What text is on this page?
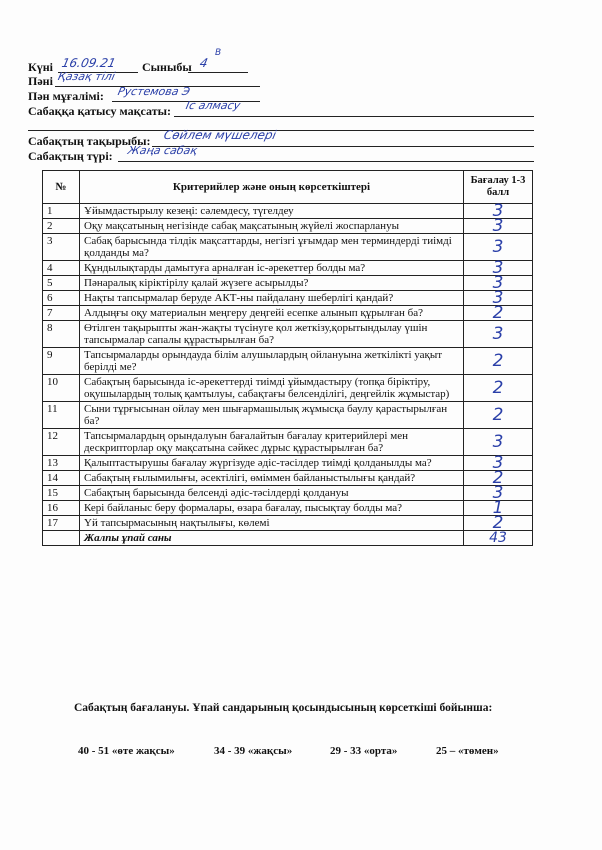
Күні 16.09.21 Сыныбы 4
В
Пәні Қазақ тілі
Пән мұғалімі: Рустемова Э
Сабаққа қатысу мақсаты: Іс алмасу
Сабақтың тақырыбы: Сөйлем мүшелері
Сабақтың түрі: Жаңа сабақ
№	Критерийлер және оның көрсеткіштері	Бағалау 1-3 балл
1	Ұйымдастырылу кезеңі: сәлемдесу, түгелдеу	3
2	Оқу мақсатының негізінде сабақ мақсатының жүйелі жоспарлануы	3
3	Сабақ барысында тілдік мақсаттарды, негізгі ұғымдар мен терминдерді тиімді қолданды ма?	3
4	Құндылықтарды дамытуға арналған іс-әрекеттер болды ма?	3
5	Пәнаралық кіріктірілу қалай жүзеге асырылды?	3
6	Нақты тапсырмалар беруде АКТ-ны пайдалану шеберлігі қандай?	3
7	Алдыңғы оқу материалын меңгеру деңгейі есепке алынып құрылған ба?	2
8	Өтілген тақырыпты жан-жақты түсінуге қол жеткізу,қорытындылау үшін тапсырмалар сапалы құрастырылған ба?	3
9	Тапсырмаларды орындауда білім алушылардың ойлануына жеткілікті уақыт берілді ме?	2
10	Сабақтың барысында іс-әрекеттерді тиімді ұйымдастыру (топқа біріктіру, оқушылардың толық қамтылуы, сабақтағы белсенділігі, деңгейлік жұмыстар)	2
11	Сыни тұрғысынан ойлау мен шығармашылық жұмысқа баулу қарастырылған ба?	2
12	Тапсырмалардың орындалуын бағалайтын бағалау критерийлері мен дескрипторлар оқу мақсатына сәйкес дұрыс құрастырылған ба?	3
13	Қалыптастырушы бағалау жүргізуде әдіс-тәсілдер тиімді қолданылды ма?	3
14	Сабақтың ғылымилығы, әсектілігі, өміммен байланыстылығы қандай?	2
15	Сабақтың барысында белсенді әдіс-тәсілдерді қолдануы	3
16	Кері байланыс беру формалары, өзара бағалау, пысықтау болды ма?	1
17	Үй тапсырмасының нақтылығы, көлемі	2
	Жалпы ұпай саны	43
Сабақтың бағалануы. Ұпай сандарының қосындысының көрсеткіші бойынша:
40 - 51 «өте жақсы»	34 - 39 «жақсы»	29 - 33 «орта»	25 – «төмен»
